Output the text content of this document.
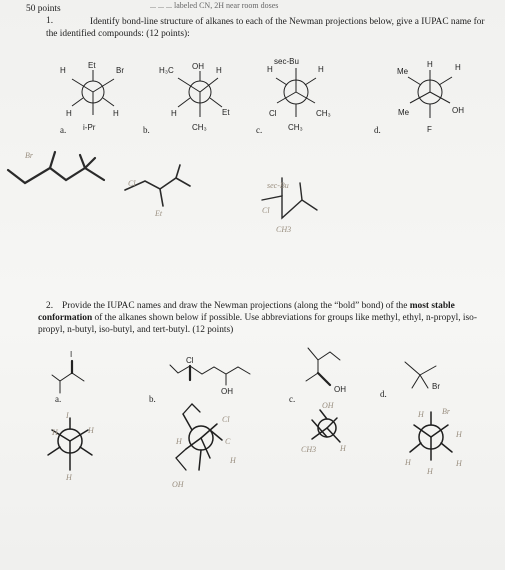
50 points
1.	Identify bond-line structure of alkanes to each of the Newman projections below, give a IUPAC name for the identified compounds: (12 points):
2. Provide the IUPAC names and draw the Newman projections (along the “bold” bond) of the most stable conformation of the alkanes shown below if possible. Use abbreviations for groups like methyl, ethyl, n-propyl, iso-propyl, n-butyl, iso-butyl, and tert-butyl. (12 points)
H
Et
Br
H	H
i-Pr
a.
H₃C OH H
H	Et
CH₃
b.
sec-Bu
H	H
Cl	CH₃
CH₃
c.
Me
H	H
Me	OH
F
d.
Br
Cl
Et
sec-Bu
Cl
CH3
I
a.
Cl
OH
b.
OH
c.
Br
d.
I
H	H
H
H
Cl
C
OH
H
OH
CH3	H
Br
H
H
H	H
H
